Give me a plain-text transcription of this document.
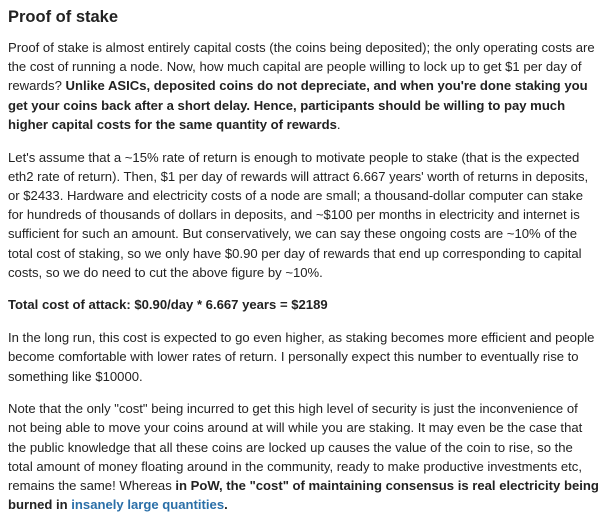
Proof of stake

Proof of stake is almost entirely capital costs (the coins being deposited); the only operating costs are the cost of running a node. Now, how much capital are people willing to lock up to get $1 per day of rewards? Unlike ASICs, deposited coins do not depreciate, and when you're done staking you get your coins back after a short delay. Hence, participants should be willing to pay much higher capital costs for the same quantity of rewards.

Let's assume that a ~15% rate of return is enough to motivate people to stake (that is the expected eth2 rate of return). Then, $1 per day of rewards will attract 6.667 years' worth of returns in deposits, or $2433. Hardware and electricity costs of a node are small; a thousand-dollar computer can stake for hundreds of thousands of dollars in deposits, and ~$100 per months in electricity and internet is sufficient for such an amount. But conservatively, we can say these ongoing costs are ~10% of the total cost of staking, so we only have $0.90 per day of rewards that end up corresponding to capital costs, so we do need to cut the above figure by ~10%.

Total cost of attack: $0.90/day * 6.667 years = $2189

In the long run, this cost is expected to go even higher, as staking becomes more efficient and people become comfortable with lower rates of return. I personally expect this number to eventually rise to something like $10000.

Note that the only "cost" being incurred to get this high level of security is just the inconvenience of not being able to move your coins around at will while you are staking. It may even be the case that the public knowledge that all these coins are locked up causes the value of the coin to rise, so the total amount of money floating around in the community, ready to make productive investments etc, remains the same! Whereas in PoW, the "cost" of maintaining consensus is real electricity being burned in insanely large quantities.
